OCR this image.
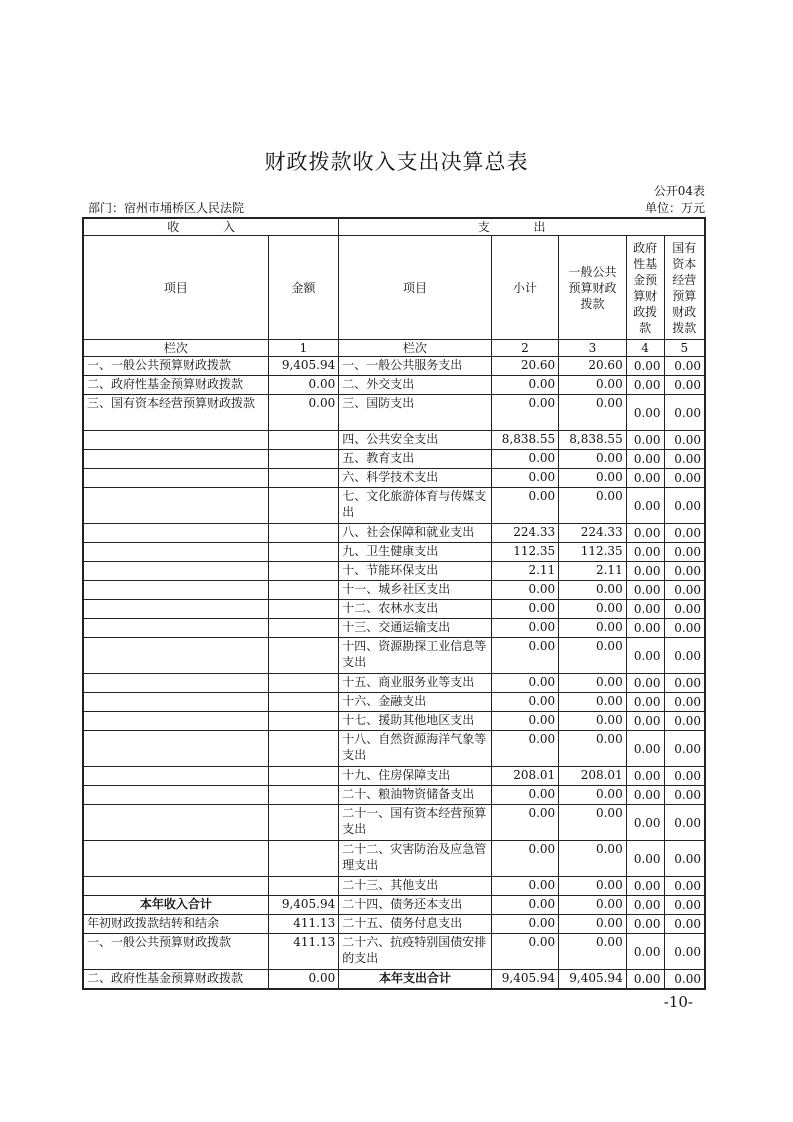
财政拨款收入支出决算总表
公开04表
部门：宿州市埇桥区人民法院	单位：万元
收 入		支 出				
项目	金额	项目	小计	一般公共预算财政拨款	政府性基金预算财政拨款	国有资本经营预算财政拨款
栏次	1	栏次	2	3	4	5
一、一般公共预算财政拨款	9,405.94	一、一般公共服务支出	20.60	20.60	0.00	0.00
二、政府性基金预算财政拨款	0.00	二、外交支出	0.00	0.00	0.00	0.00
三、国有资本经营预算财政拨款	0.00	三、国防支出	0.00	0.00	0.00	0.00
		四、公共安全支出	8,838.55	8,838.55	0.00	0.00
		五、教育支出	0.00	0.00	0.00	0.00
		六、科学技术支出	0.00	0.00	0.00	0.00
		七、文化旅游体育与传媒支出	0.00	0.00	0.00	0.00
		八、社会保障和就业支出	224.33	224.33	0.00	0.00
		九、卫生健康支出	112.35	112.35	0.00	0.00
		十、节能环保支出	2.11	2.11	0.00	0.00
		十一、城乡社区支出	0.00	0.00	0.00	0.00
		十二、农林水支出	0.00	0.00	0.00	0.00
		十三、交通运输支出	0.00	0.00	0.00	0.00
		十四、资源勘探工业信息等支出	0.00	0.00	0.00	0.00
		十五、商业服务业等支出	0.00	0.00	0.00	0.00
		十六、金融支出	0.00	0.00	0.00	0.00
		十七、援助其他地区支出	0.00	0.00	0.00	0.00
		十八、自然资源海洋气象等支出	0.00	0.00	0.00	0.00
		十九、住房保障支出	208.01	208.01	0.00	0.00
		二十、粮油物资储备支出	0.00	0.00	0.00	0.00
		二十一、国有资本经营预算支出	0.00	0.00	0.00	0.00
		二十二、灾害防治及应急管理支出	0.00	0.00	0.00	0.00
		二十三、其他支出	0.00	0.00	0.00	0.00
本年收入合计	9,405.94	二十四、债务还本支出	0.00	0.00	0.00	0.00
年初财政拨款结转和结余	411.13	二十五、债务付息支出	0.00	0.00	0.00	0.00
一、一般公共预算财政拨款	411.13	二十六、抗疫特别国债安排的支出	0.00	0.00	0.00	0.00
二、政府性基金预算财政拨款	0.00	本年支出合计	9,405.94	9,405.94	0.00	0.00
-10-
